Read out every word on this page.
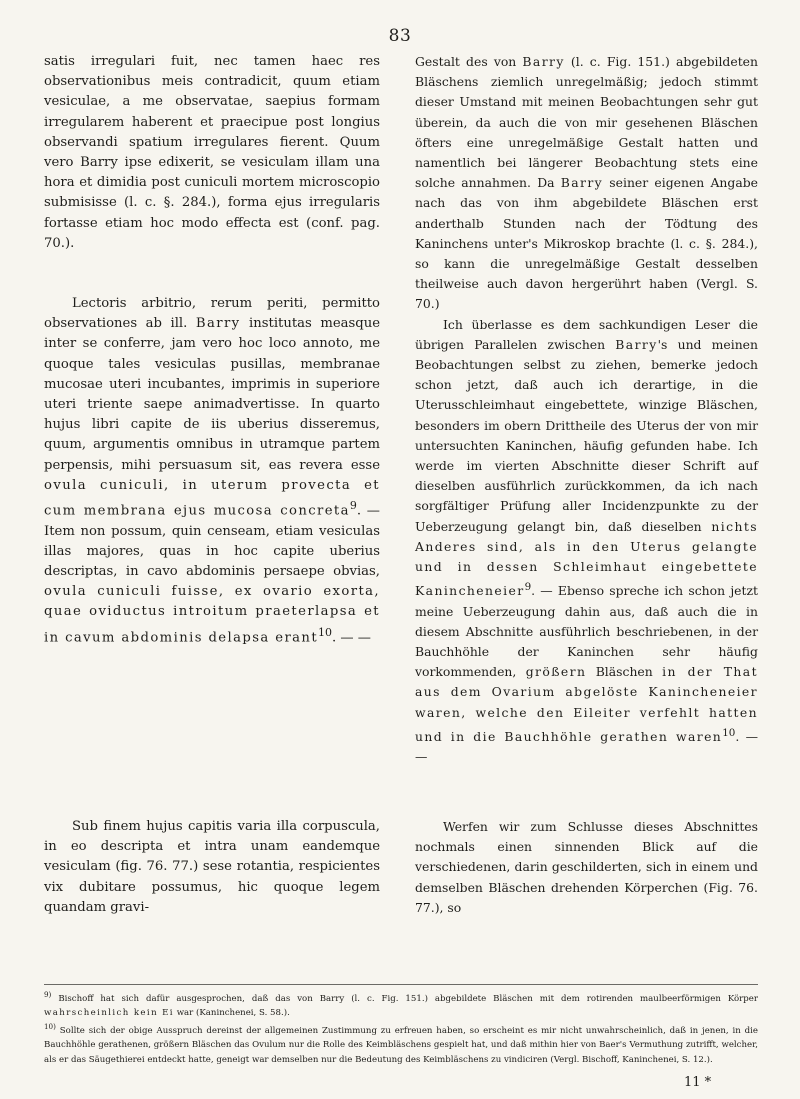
83

satis irregulari fuit, nec tamen haec res observationibus meis contradicit, quum etiam vesiculae, a me observatae, saepius formam irregularem haberent et praecipue post longius observandi spatium irregulares fierent. Quum vero Barry ipse edixerit, se vesiculam illam una hora et dimidia post cuniculi mortem microscopio submisisse (l. c. §. 284.), forma ejus irregularis fortasse etiam hoc modo effecta est (conf. pag. 70.).

Lectoris arbitrio, rerum periti, permitto observationes ab ill. Barry institutas measque inter se conferre, jam vero hoc loco annoto, me quoque tales vesiculas pusillas, membranae mucosae uteri incubantes, imprimis in superiore uteri triente saepe animadvertisse. In quarto hujus libri capite de iis uberius disseremus, quum, argumentis omnibus in utramque partem perpensis, mihi persuasum sit, eas revera esse ovula cuniculi, in uterum provecta et cum membrana ejus mucosa concreta$^9$. — Item non possum, quin censeam, etiam vesiculas illas majores, quas in hoc capite uberius descriptas, in cavo abdominis persaepe obvias, ovula cuniculi fuisse, ex ovario exorta, quae oviductus introitum praeterlapsa et in cavum abdominis delapsa erant$^{10}$. — —

Sub finem hujus capitis varia illa corpuscula, in eo descripta et intra unam eandemque vesiculam (fig. 76. 77.) sese rotantia, respicientes vix dubitare possumus, hic quoque legem quandam gravi-

Gestalt des von Barry (l. c. Fig. 151.) abgebildeten Bläschens ziemlich unregelmäßig; jedoch stimmt dieser Umstand mit meinen Beobachtungen sehr gut überein, da auch die von mir gesehenen Bläschen öfters eine unregelmäßige Gestalt hatten und namentlich bei längerer Beobachtung stets eine solche annahmen. Da Barry seiner eigenen Angabe nach das von ihm abgebildete Bläschen erst anderthalb Stunden nach der Tödtung des Kaninchens unter's Mikroskop brachte (l. c. §. 284.), so kann die unregelmäßige Gestalt desselben theilweise auch davon hergerührt haben (Vergl. S. 70.)

Ich überlasse es dem sachkundigen Leser die übrigen Parallelen zwischen Barry's und meinen Beobachtungen selbst zu ziehen, bemerke jedoch schon jetzt, daß auch ich derartige, in die Uterusschleimhaut eingebettete, winzige Bläschen, besonders im obern Drittheile des Uterus der von mir untersuchten Kaninchen, häufig gefunden habe. Ich werde im vierten Abschnitte dieser Schrift auf dieselben ausführlich zurückkommen, da ich nach sorgfältiger Prüfung aller Incidenzpunkte zu der Ueberzeugung gelangt bin, daß dieselben nichts Anderes sind, als in den Uterus gelangte und in dessen Schleimhaut eingebettete Kanincheneier$^9$. — Ebenso spreche ich schon jetzt meine Ueberzeugung dahin aus, daß auch die in diesem Abschnitte ausführlich beschriebenen, in der Bauchhöhle der Kaninchen sehr häufig vorkommenden, größern Bläschen in der That aus dem Ovarium abgelöste Kanincheneier waren, welche den Eileiter verfehlt hatten und in die Bauchhöhle gerathen waren$^{10}$. — —

Werfen wir zum Schlusse dieses Abschnittes nochmals einen sinnenden Blick auf die verschiedenen, darin geschilderten, sich in einem und demselben Bläschen drehenden Körperchen (Fig. 76. 77.), so

$^{9)}$ Bischoff hat sich dafür ausgesprochen, daß das von Barry (l. c. Fig. 151.) abgebildete Bläschen mit dem rotirenden maulbeerförmigen Körper wahrscheinlich kein Ei war (Kaninchenei, S. 58.).

$^{10)}$ Sollte sich der obige Ausspruch dereinst der allgemeinen Zustimmung zu erfreuen haben, so erscheint es mir nicht unwahrscheinlich, daß in jenen, in die Bauchhöhle gerathenen, größern Bläschen das Ovulum nur die Rolle des Keimbläschens gespielt hat, und daß mithin hier von Baer's Vermuthung zutrifft, welcher, als er das Säugethierei entdeckt hatte, geneigt war demselben nur die Bedeutung des Keimbläschens zu vindiciren (Vergl. Bischoff, Kaninchenei, S. 12.).

11 *
